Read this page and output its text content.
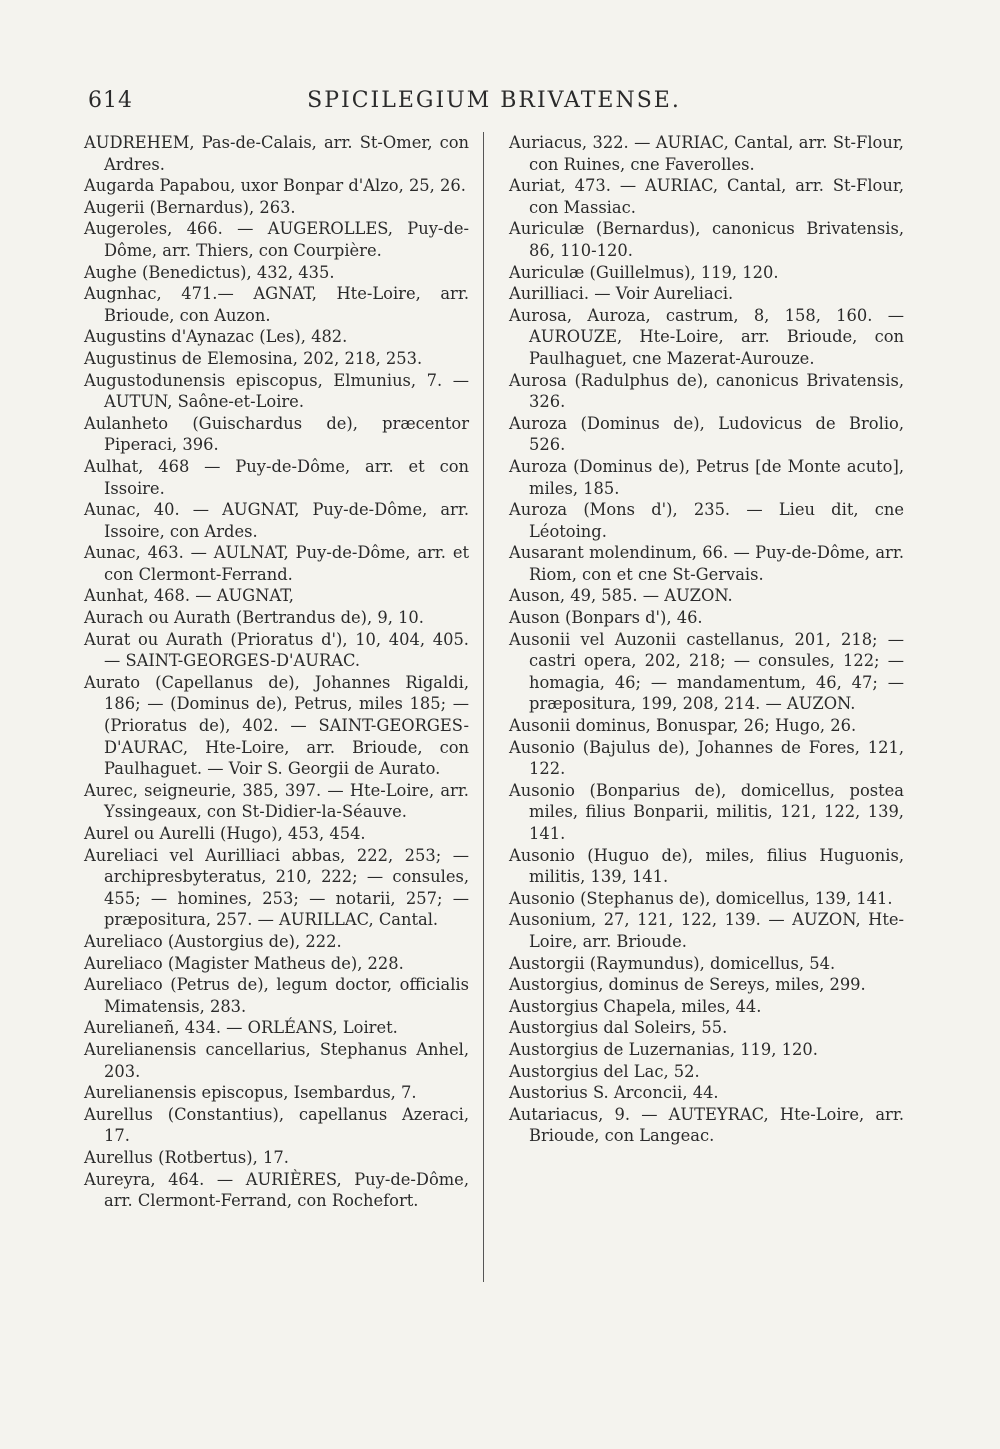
614	SPICILEGIUM BRIVATENSE.

AUDREHEM, Pas-de-Calais, arr. St-Omer, con Ardres.

Augarda Papabou, uxor Bonpar d'Alzo, 25, 26.

Augerii (Bernardus), 263.

Augeroles, 466. — AUGEROLLES, Puy-de-Dôme, arr. Thiers, con Courpière.

Aughe (Benedictus), 432, 435.

Augnhac, 471.— AGNAT, Hte-Loire, arr. Brioude, con Auzon.

Augustins d'Aynazac (Les), 482.

Augustinus de Elemosina, 202, 218, 253.

Augustodunensis episcopus, Elmunius, 7. — AUTUN, Saône-et-Loire.

Aulanheto (Guischardus de), præcentor Piperaci, 396.

Aulhat, 468 — Puy-de-Dôme, arr. et con Issoire.

Aunac, 40. — AUGNAT, Puy-de-Dôme, arr. Issoire, con Ardes.

Aunac, 463. — AULNAT, Puy-de-Dôme, arr. et con Clermont-Ferrand.

Aunhat, 468. — AUGNAT,

Aurach ou Aurath (Bertrandus de), 9, 10.

Aurat ou Aurath (Prioratus d'), 10, 404, 405. — SAINT-GEORGES-D'AURAC.

Aurato (Capellanus de), Johannes Rigaldi, 186; — (Dominus de), Petrus, miles 185; — (Prioratus de), 402. — SAINT-GEORGES-D'AURAC, Hte-Loire, arr. Brioude, con Paulhaguet. — Voir S. Georgii de Aurato.

Aurec, seigneurie, 385, 397. — Hte-Loire, arr. Yssingeaux, con St-Didier-la-Séauve.

Aurel ou Aurelli (Hugo), 453, 454.

Aureliaci vel Aurilliaci abbas, 222, 253; — archipresbyteratus, 210, 222; — consules, 455; — homines, 253; — notarii, 257; — præpositura, 257. — AURILLAC, Cantal.

Aureliaco (Austorgius de), 222.

Aureliaco (Magister Matheus de), 228.

Aureliaco (Petrus de), legum doctor, officialis Mimatensis, 283.

Aurelianeñ, 434. — ORLÉANS, Loiret.

Aurelianensis cancellarius, Stephanus Anhel, 203.

Aurelianensis episcopus, Isembardus, 7.

Aurellus (Constantius), capellanus Azeraci, 17.

Aurellus (Rotbertus), 17.

Aureyra, 464. — AURIÈRES, Puy-de-Dôme, arr. Clermont-Ferrand, con Rochefort.

Auriacus, 322. — AURIAC, Cantal, arr. St-Flour, con Ruines, cne Faverolles.

Auriat, 473. — AURIAC, Cantal, arr. St-Flour, con Massiac.

Auriculæ (Bernardus), canonicus Brivatensis, 86, 110-120.

Auriculæ (Guillelmus), 119, 120.

Aurilliaci. — Voir Aureliaci.

Aurosa, Auroza, castrum, 8, 158, 160. — AUROUZE, Hte-Loire, arr. Brioude, con Paulhaguet, cne Mazerat-Aurouze.

Aurosa (Radulphus de), canonicus Brivatensis, 326.

Auroza (Dominus de), Ludovicus de Brolio, 526.

Auroza (Dominus de), Petrus [de Monte acuto], miles, 185.

Auroza (Mons d'), 235. — Lieu dit, cne Léotoing.

Ausarant molendinum, 66. — Puy-de-Dôme, arr. Riom, con et cne St-Gervais.

Auson, 49, 585. — AUZON.

Auson (Bonpars d'), 46.

Ausonii vel Auzonii castellanus, 201, 218; — castri opera, 202, 218; — consules, 122; — homagia, 46; — mandamentum, 46, 47; — præpositura, 199, 208, 214. — AUZON.

Ausonii dominus, Bonuspar, 26; Hugo, 26.

Ausonio (Bajulus de), Johannes de Fores, 121, 122.

Ausonio (Bonparius de), domicellus, postea miles, filius Bonparii, militis, 121, 122, 139, 141.

Ausonio (Huguo de), miles, filius Huguonis, militis, 139, 141.

Ausonio (Stephanus de), domicellus, 139, 141.

Ausonium, 27, 121, 122, 139. — AUZON, Hte-Loire, arr. Brioude.

Austorgii (Raymundus), domicellus, 54.

Austorgius, dominus de Sereys, miles, 299.

Austorgius Chapela, miles, 44.

Austorgius dal Soleirs, 55.

Austorgius de Luzernanias, 119, 120.

Austorgius del Lac, 52.

Austorius S. Arconcii, 44.

Autariacus, 9. — AUTEYRAC, Hte-Loire, arr. Brioude, con Langeac.
